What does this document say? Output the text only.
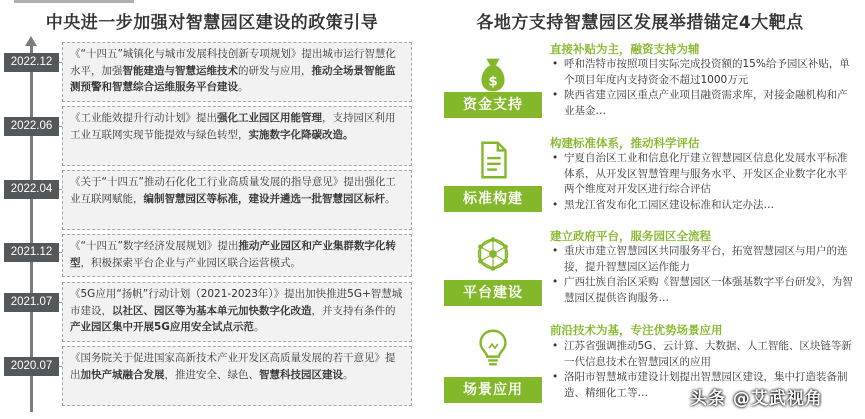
中央进一步加强对智慧园区建设的政策引导	各地方支持智慧园区发展举措锚定4大靶点
2022.12
《“十四五”城镇化与城市发展科技创新专项规划》提出城市运行智慧化水平，加强智能建造与智慧运维技术的研发与应用，推动全场景智能监测预警和智慧综合运维服务平台建设。
2022.06
《工业能效提升行动计划》提出强化工业园区用能管理，支持园区利用工业互联网实现节能提效与绿色转型，实施数字化降碳改造。
2022.04
《关于“十四五”推动石化化工行业高质量发展的指导意见》提出强化工业互联网赋能，编制智慧园区等标准，建设并遴选一批智慧园区标杆。
2021.12	《“十四五”数字经济发展规划》提出推动产业园区和产业集群数字化转型，积极探索平台企业与产业园区联合运营模式。
2021.07
《5G应用“扬帆”行动计划（2021-2023年）》提出加快推进5G+智慧城市建设，以社区、园区等为基本单元加快数字化改造，并支持有条件的产业园区集中开展5G应用安全试点示范。
2020.07
《国务院关于促进国家高新技术产业开发区高质量发展的若干意见》提出加快产城融合发展，推进安全、绿色、智慧科技园区建设。
$
资金支持
直接补贴为主，融资支持为辅
• 呼和浩特市按照项目实际完成投资额的15%给予园区补贴，单个项目年度内支持资金不超过1000万元
• 陕西省建立园区重点产业项目融资需求库，对接金融机构和产业基金…
标准构建
构建标准体系，推动科学评估
• 宁夏自治区工业和信息化厅建立智慧园区信息化发展水平标准体系，从开发区智慧管理与服务水平、开发区企业数字化水平两个维度对开发区进行综合评估
• 黑龙江省发布化工园区建设标准和认定办法…
平台建设
建立政府平台，服务园区全流程
• 重庆市建立智慧园区共同服务平台，拓宽智慧园区与用户的连接，提升智慧园区运作能力
• 广西壮族自治区采购《智慧园区一体强基数字平台研发》，为智慧园区提供咨询服务…
场景应用
前沿技术为基，专注优势场景应用
• 江苏省强调推动5G、云计算、大数据、人工智能、区块链等新一代信息技术在智慧园区的应用
• 洛阳市智慧城市建设计划提出智慧园区建设，集中打造装备制造、精细化工等…	头条 @艾武视角
